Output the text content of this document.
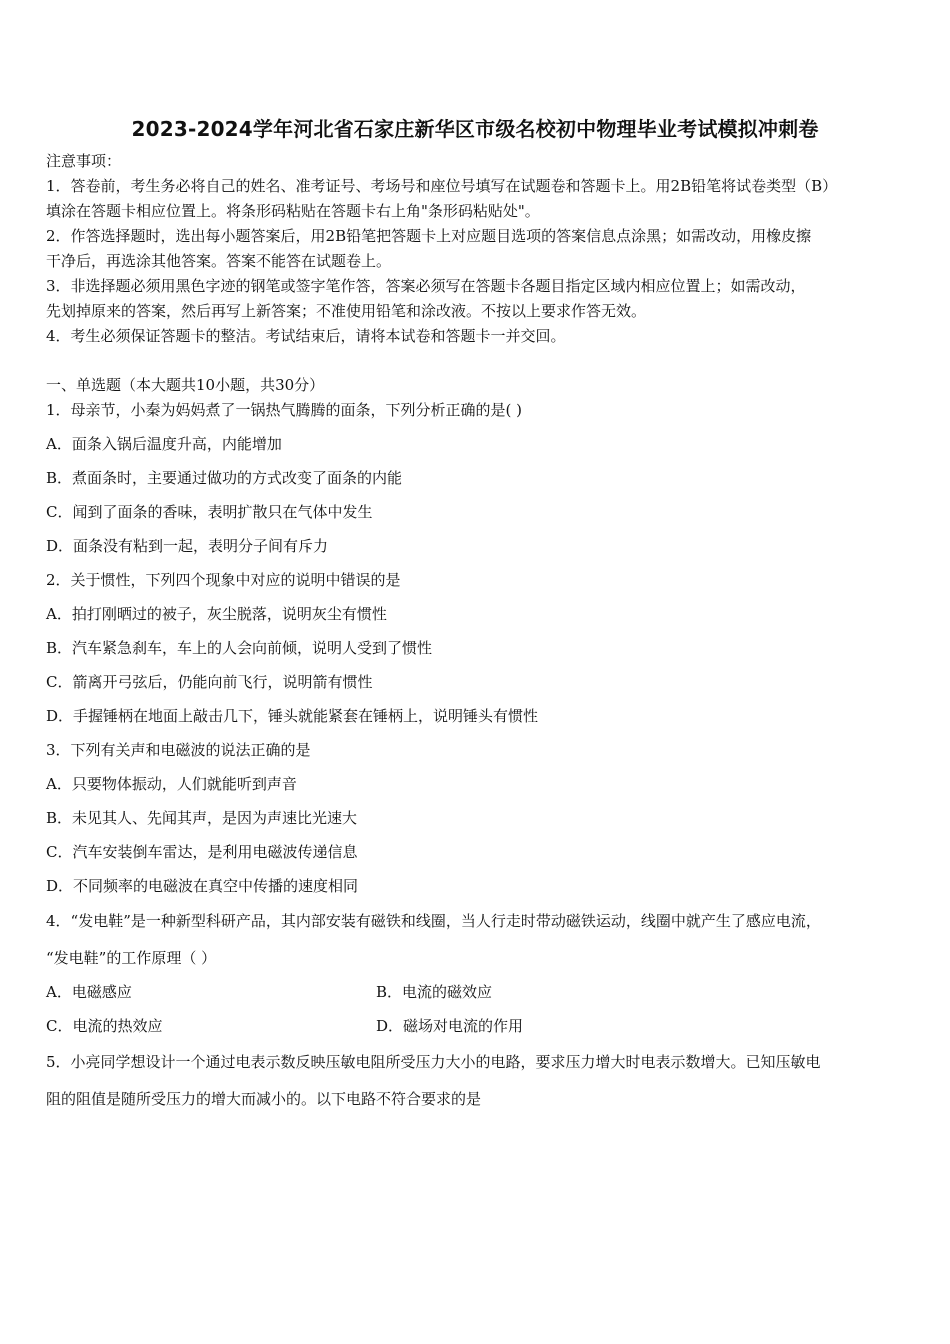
2023-2024学年河北省石家庄新华区市级名校初中物理毕业考试模拟冲刺卷
注意事项：
1．答卷前，考生务必将自己的姓名、准考证号、考场号和座位号填写在试题卷和答题卡上。用2B铅笔将试卷类型（B）
填涂在答题卡相应位置上。将条形码粘贴在答题卡右上角"条形码粘贴处"。
2．作答选择题时，选出每小题答案后，用2B铅笔把答题卡上对应题目选项的答案信息点涂黑；如需改动，用橡皮擦
干净后，再选涂其他答案。答案不能答在试题卷上。
3．非选择题必须用黑色字迹的钢笔或签字笔作答，答案必须写在答题卡各题目指定区域内相应位置上；如需改动，
先划掉原来的答案，然后再写上新答案；不准使用铅笔和涂改液。不按以上要求作答无效。
4．考生必须保证答题卡的整洁。考试结束后，请将本试卷和答题卡一并交回。
一、单选题（本大题共10小题，共30分）
1．母亲节，小秦为妈妈煮了一锅热气腾腾的面条，下列分析正确的是( )
A．面条入锅后温度升高，内能增加
B．煮面条时，主要通过做功的方式改变了面条的内能
C．闻到了面条的香味，表明扩散只在气体中发生
D．面条没有粘到一起，表明分子间有斥力
2．关于惯性，下列四个现象中对应的说明中错误的是
A．拍打刚晒过的被子，灰尘脱落，说明灰尘有惯性
B．汽车紧急刹车，车上的人会向前倾，说明人受到了惯性
C．箭离开弓弦后，仍能向前飞行，说明箭有惯性
D．手握锤柄在地面上敲击几下，锤头就能紧套在锤柄上，说明锤头有惯性
3．下列有关声和电磁波的说法正确的是
A．只要物体振动，人们就能听到声音
B．未见其人、先闻其声，是因为声速比光速大
C．汽车安装倒车雷达，是利用电磁波传递信息
D．不同频率的电磁波在真空中传播的速度相同
4．“发电鞋”是一种新型科研产品，其内部安装有磁铁和线圈，当人行走时带动磁铁运动，线圈中就产生了感应电流，
“发电鞋”的工作原理（ ）
A．电磁感应	B．电流的磁效应
C．电流的热效应	D．磁场对电流的作用
5．小亮同学想设计一个通过电表示数反映压敏电阻所受压力大小的电路，要求压力增大时电表示数增大。已知压敏电
阻的阻值是随所受压力的增大而减小的。以下电路不符合要求的是
